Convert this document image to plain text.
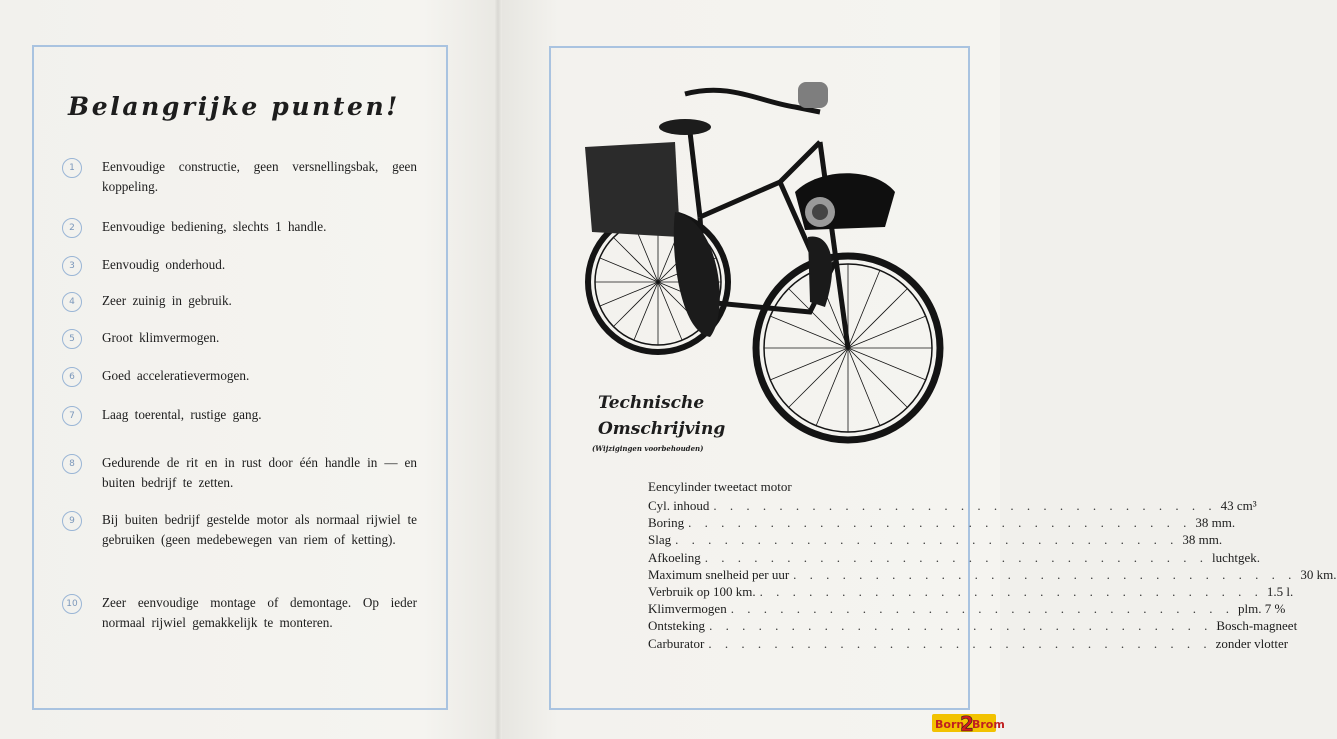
Belangrijke punten!
1	Eenvoudige constructie, geen versnellingsbak, geen koppeling.
2	Eenvoudige bediening, slechts 1 handle.
3	Eenvoudig onderhoud.
4	Zeer zuinig in gebruik.
5	Groot klimvermogen.
6	Goed acceleratievermogen.
7	Laag toerental, rustige gang.
8	Gedurende de rit en in rust door één handle in — en buiten bedrijf te zetten.
9	Bij buiten bedrijf gestelde motor als normaal rijwiel te gebruiken (geen medebewegen van riem of ketting).
10	Zeer eenvoudige montage of demontage. Op ieder normaal rijwiel gemakkelijk te monteren.
Technische
Omschrijving
(Wijzigingen voorbehouden)
Eencylinder tweetact motor
Cyl. inhoud . . .	43 cm³
Boring . . .	38 mm.
Slag . . .	38 mm.
Afkoeling . . .	luchtgek.
Maximum snelheid per uur . . .	30 km.
Verbruik op 100 km. . . .	1.5 l.
Klimvermogen . . .	plm. 7 %
Ontsteking . . .	Bosch-magneet
Carburator . . .	zonder vlotter
Born
2
Brom
